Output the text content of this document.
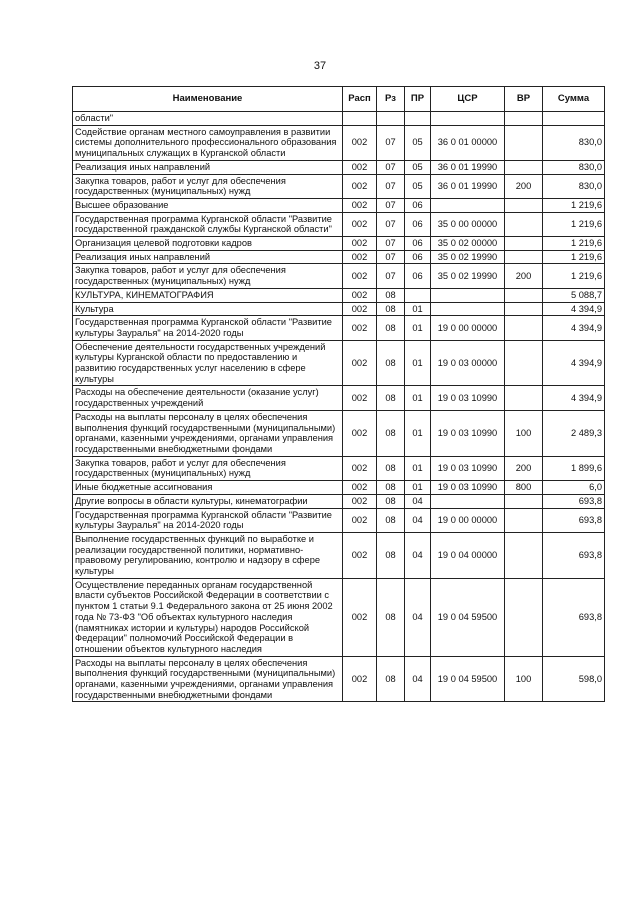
37
Наименование	Расп	Рз	ПР	ЦСР	ВР	Сумма
области"						
Содействие органам местного самоуправления в развитии системы дополнительного профессионального образования муниципальных служащих в Курганской области	002	07	05	36 0 01 00000		830,0
Реализация иных направлений	002	07	05	36 0 01 19990		830,0
Закупка товаров, работ и услуг для обеспечения государственных (муниципальных) нужд	002	07	05	36 0 01 19990	200	830,0
Высшее образование	002	07	06			1 219,6
Государственная программа Курганской области "Развитие государственной гражданской службы Курганской области"	002	07	06	35 0 00 00000		1 219,6
Организация целевой подготовки кадров	002	07	06	35 0 02 00000		1 219,6
Реализация иных направлений	002	07	06	35 0 02 19990		1 219,6
Закупка товаров, работ и услуг для обеспечения государственных (муниципальных) нужд	002	07	06	35 0 02 19990	200	1 219,6
КУЛЬТУРА, КИНЕМАТОГРАФИЯ	002	08				5 088,7
Культура	002	08	01			4 394,9
Государственная программа Курганской области "Развитие культуры Зауралья" на 2014-2020 годы	002	08	01	19 0 00 00000		4 394,9
Обеспечение деятельности государственных учреждений культуры Курганской области по предоставлению и развитию государственных услуг населению в сфере культуры	002	08	01	19 0 03 00000		4 394,9
Расходы на обеспечение деятельности (оказание услуг) государственных учреждений	002	08	01	19 0 03 10990		4 394,9
Расходы на выплаты персоналу в целях обеспечения выполнения функций государственными (муниципальными) органами, казенными учреждениями, органами управления государственными внебюджетными фондами	002	08	01	19 0 03 10990	100	2 489,3
Закупка товаров, работ и услуг для обеспечения государственных (муниципальных) нужд	002	08	01	19 0 03 10990	200	1 899,6
Иные бюджетные ассигнования	002	08	01	19 0 03 10990	800	6,0
Другие вопросы в области культуры, кинематографии	002	08	04			693,8
Государственная программа Курганской области "Развитие культуры Зауралья" на 2014-2020 годы	002	08	04	19 0 00 00000		693,8
Выполнение государственных функций по выработке и реализации государственной политики, нормативно-правовому регулированию, контролю и надзору в сфере культуры	002	08	04	19 0 04 00000		693,8
Осуществление переданных органам государственной власти субъектов Российской Федерации в соответствии с пунктом 1 статьи 9.1 Федерального закона от 25 июня 2002 года № 73-ФЗ "Об объектах культурного наследия (памятниках истории и культуры) народов Российской Федерации" полномочий Российской Федерации в отношении объектов культурного наследия	002	08	04	19 0 04 59500		693,8
Расходы на выплаты персоналу в целях обеспечения выполнения функций государственными (муниципальными) органами, казенными учреждениями, органами управления государственными внебюджетными фондами	002	08	04	19 0 04 59500	100	598,0
